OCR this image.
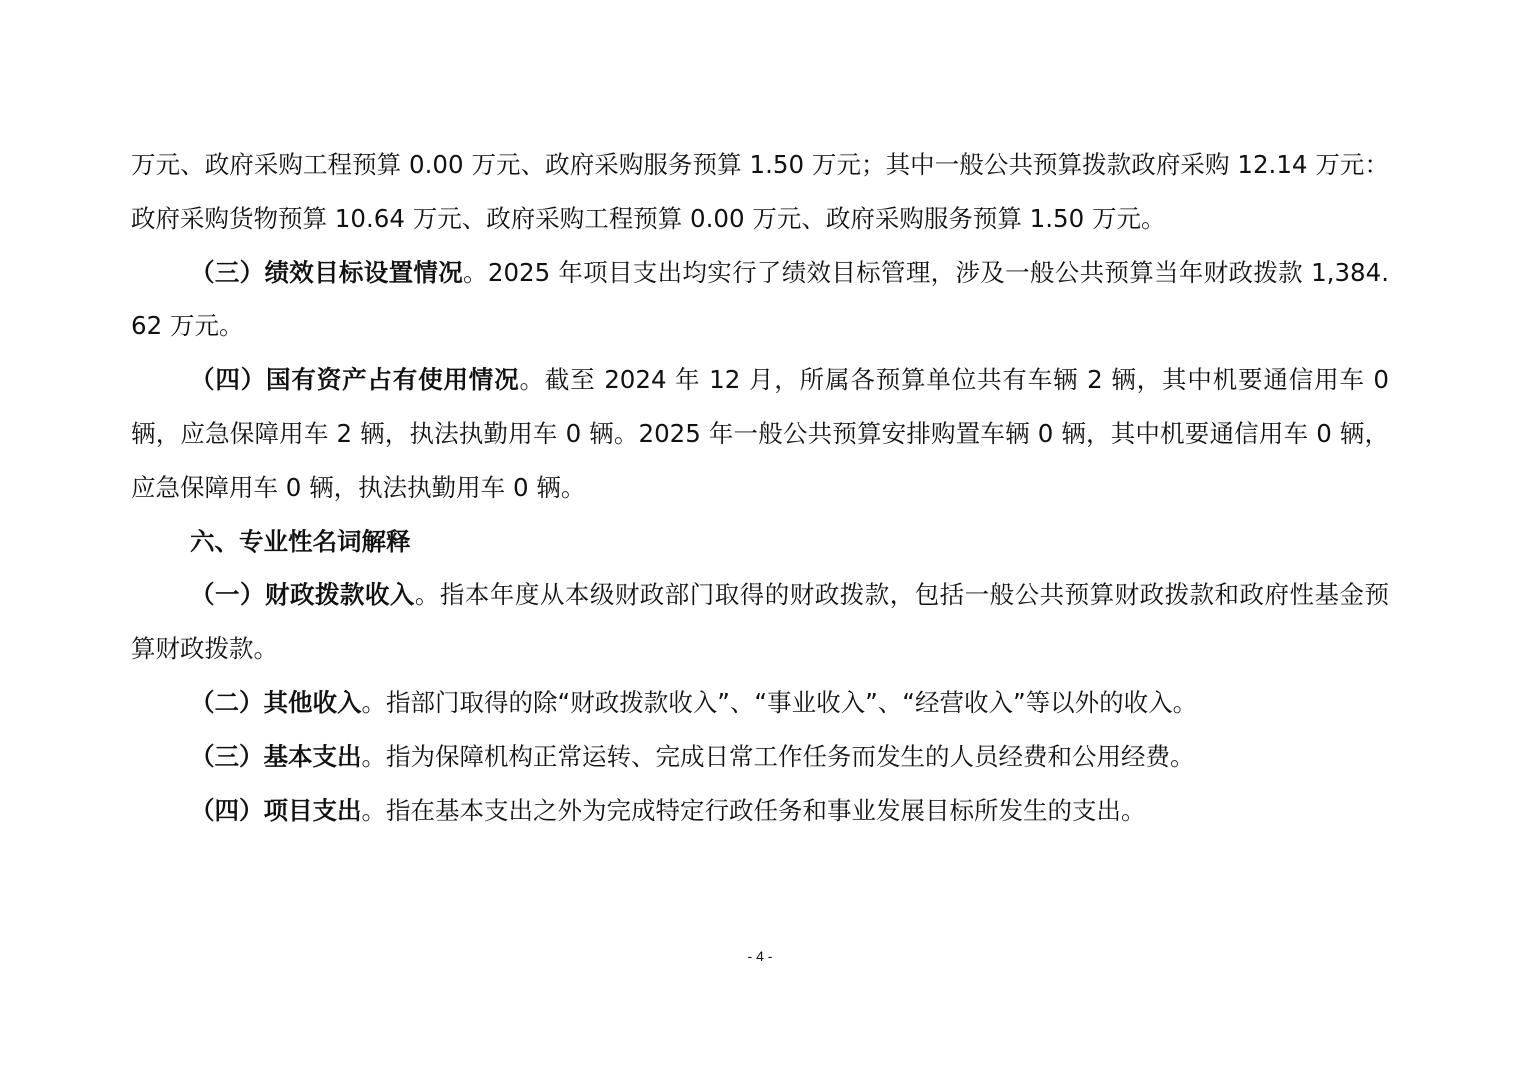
万元、政府采购工程预算 0.00 万元、政府采购服务预算 1.50 万元；其中一般公共预算拨款政府采购 12.14 万元：政府采购货物预算 10.64 万元、政府采购工程预算 0.00 万元、政府采购服务预算 1.50 万元。

（三）绩效目标设置情况。2025 年项目支出均实行了绩效目标管理，涉及一般公共预算当年财政拨款 1,384.62 万元。

（四）国有资产占有使用情况。截至 2024 年 12 月，所属各预算单位共有车辆 2 辆，其中机要通信用车 0 辆，应急保障用车 2 辆，执法执勤用车 0 辆。2025 年一般公共预算安排购置车辆 0 辆，其中机要通信用车 0 辆，应急保障用车 0 辆，执法执勤用车 0 辆。

六、专业性名词解释

（一）财政拨款收入。指本年度从本级财政部门取得的财政拨款，包括一般公共预算财政拨款和政府性基金预算财政拨款。

（二）其他收入。指部门取得的除“财政拨款收入”、“事业收入”、“经营收入”等以外的收入。

（三）基本支出。指为保障机构正常运转、完成日常工作任务而发生的人员经费和公用经费。

（四）项目支出。指在基本支出之外为完成特定行政任务和事业发展目标所发生的支出。

- 4 -
